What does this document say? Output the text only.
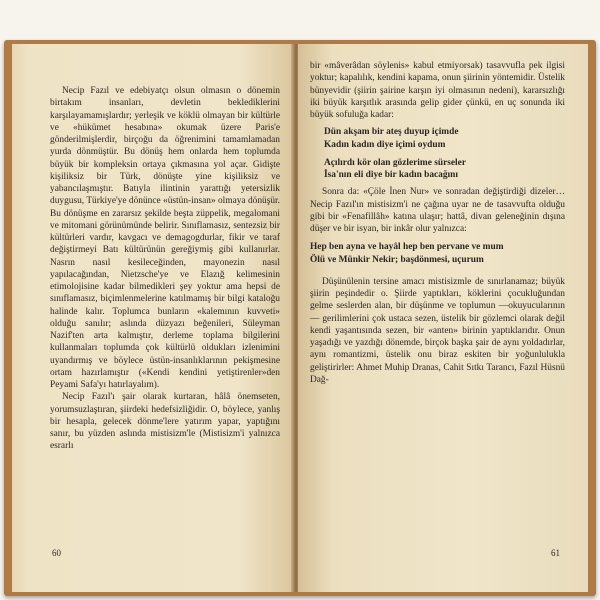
Necip Fazıl ve edebiyatçı olsun olmasın o dönemin birtakım insanları, devletin beklediklerini karşılayamamışlardır; yerleşik ve köklü olmayan bir kültürle ve «hükümet hesabına» okumak üzere Paris'e gönderilmişlerdir, birçoğu da öğrenimini tamamlamadan yurda dönmüştür. Bu dönüş hem onlarda hem toplumda büyük bir kompleksin ortaya çıkmasına yol açar. Gidişte kişiliksiz bir Türk, dönüşte yine kişiliksiz ve yabancılaşmıştır. Batıyla ilintinin yarattığı yetersizlik duygusu, Türkiye'ye dönünce «üstün-insan» olmaya dönüşür. Bu dönüşme en zararsız şekilde beşta züppelik, megalomani ve mitomani görünümünde belirir. Sınıflamasız, sentezsiz bir kültürleri vardır, kavgacı ve demagogdurlar, fikir ve taraf değiştirmeyi Batı kültürünün gereğiymiş gibi kullanırlar. Nasrın nasıl kesileceğinden, mayonezin nasıl yapılacağından, Nietzsche'ye ve Elazığ kelimesinin etimolojisine kadar bilmedikleri şey yoktur ama hepsi de sınıflamasız, biçimlenmelerine katılmamış bir bilgi kataloğu halinde kalır. Toplumca bunların «kalemının kuvveti» olduğu sanılır; aslında düzyazı beğenileri, Süleyman Nazif'ten arta kalmıştır, derleme toplama bilgilerini kullanmaları toplumda çok kültürlü oldukları izlenimini uyandırmış ve böylece üstün-insanlıklarının pekişmesine ortam hazırlamıştır («Kendi kendini yetiştirenler»den Peyami Safa'yı hatırlayalım).

Necip Fazıl'ı şair olarak kurtaran, hâlâ önemseten, yorumsuzlaştıran, şiirdeki hedefsizliğidir. O, böylece, yanlış bir hesapla, gelecek dönme'lere yatırım yapar, yaptığını sanır, bu yüzden aslında mistisizm'le (Mistisizm'i yalnızca esrarlı

60

bir «mâverâdan söylenis» kabul etmiyorsak) tasavvufla pek ilgisi yoktur; kapalılık, kendini kapama, onun şiirinin yöntemidir. Üstelik bünyevidir (şiirin şairine karşın iyi olmasının nedeni), kararsızlığı iki büyük karşıtlık arasında gelip gider çünkü, en uç sonunda iki büyük sofuluğa kadar:

Dün akşam bir ateş duyup içimde
Kadın kadın diye içimi oydum
Açılırdı kör olan gözlerime sürseler
İsa'nın eli diye bir kadın bacağını

Sonra da: «Çöle İnen Nur» ve sonradan değiştirdiği dizeler… Necip Fazıl'ın mistisizm'i ne çağına uyar ne de tasavvufta olduğu gibi bir «Fenafillâh» katına ulaşır; hattâ, divan geleneğinin dışına düşer ve bir isyan, bir inkâr olur yalnızca:

Hep ben ayna ve hayâl hep ben pervane ve mum
Ölü ve Münkir Nekir; başdönmesi, uçurum

Düşünülenin tersine amacı mistisizmle de sınırlanamaz; büyük şiirin peşindedir o. Şiirde yaptıkları, köklerini çocukluğundan gelme seslerden alan, bir düşünme ve toplumun —okuyucularının— gerilimlerini çok ustaca sezen, üstelik bir gözlemci olarak değil kendi yaşantısında sezen, bir «anten» birinin yaptıklarıdır. Onun yaşadığı ve yazdığı dönemde, birçok başka şair de aynı yoldadırlar, aynı romantizmi, üstelik onu biraz eskiten bir yoğunlulukla geliştirirler: Ahmet Muhip Dranas, Cahit Sıtkı Tarancı, Fazıl Hüsnü Dağ-

61
